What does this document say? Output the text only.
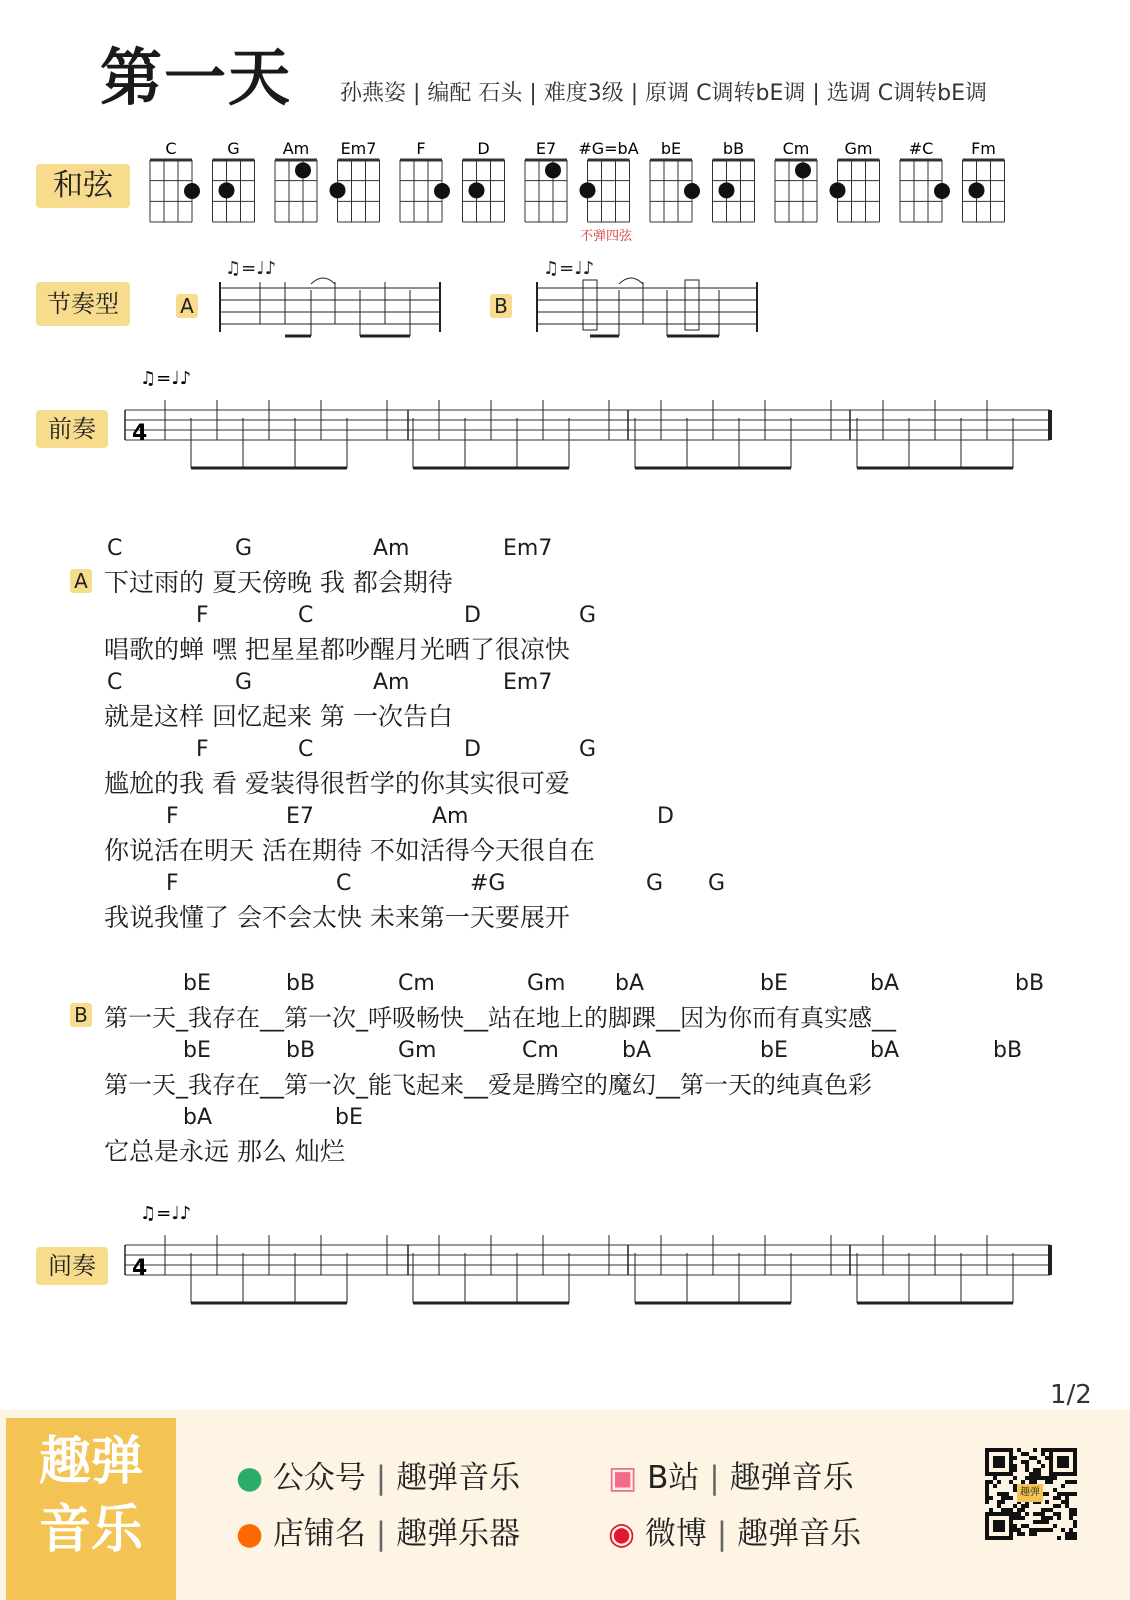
第一天 孙燕姿 | 编配 石头 | 难度3级 | 原调 C调转bE调 | 选调 C调转bE调
和弦
节奏型
前奏
间奏
A	B
C	G	Am Em7 F	D	E7 #G=bA bE	bB Cm Gm #C Fm
不弹四弦
♫=♩♪	♫=♩♪
4
♫=♩♪
4
♫=♩♪
A
B
C	G	Am	Em7
下过雨的 夏天傍晚 我 都会期待
F	C	D	G
唱歌的蝉 嘿 把星星都吵醒月光晒了很凉快
C	G	Am	Em7
就是这样 回忆起来 第 一次告白
F	C	D	G
尴尬的我 看 爱装得很哲学的你其实很可爱
F	E7	Am	D
你说活在明天 活在期待 不如活得今天很自在
F	C	#G	G G
我说我懂了 会不会太快 未来第一天要展开
bE	bB	Cm	Gm bA	bE	bA	bB
第一天_我存在__第一次_呼吸畅快__站在地上的脚踝__因为你而有真实感__
bE	bB	Gm	Cm	bA	bE	bA	bB
第一天_我存在__第一次_能飞起来__爱是腾空的魔幻__第一天的纯真色彩
bA	bE
它总是永远 那么 灿烂
1/2
趣弹
音乐
● 公众号 | 趣弹音乐	▣ B站 | 趣弹音乐
● 店铺名 | 趣弹乐器	◉ 微博 | 趣弹音乐
趣弹
